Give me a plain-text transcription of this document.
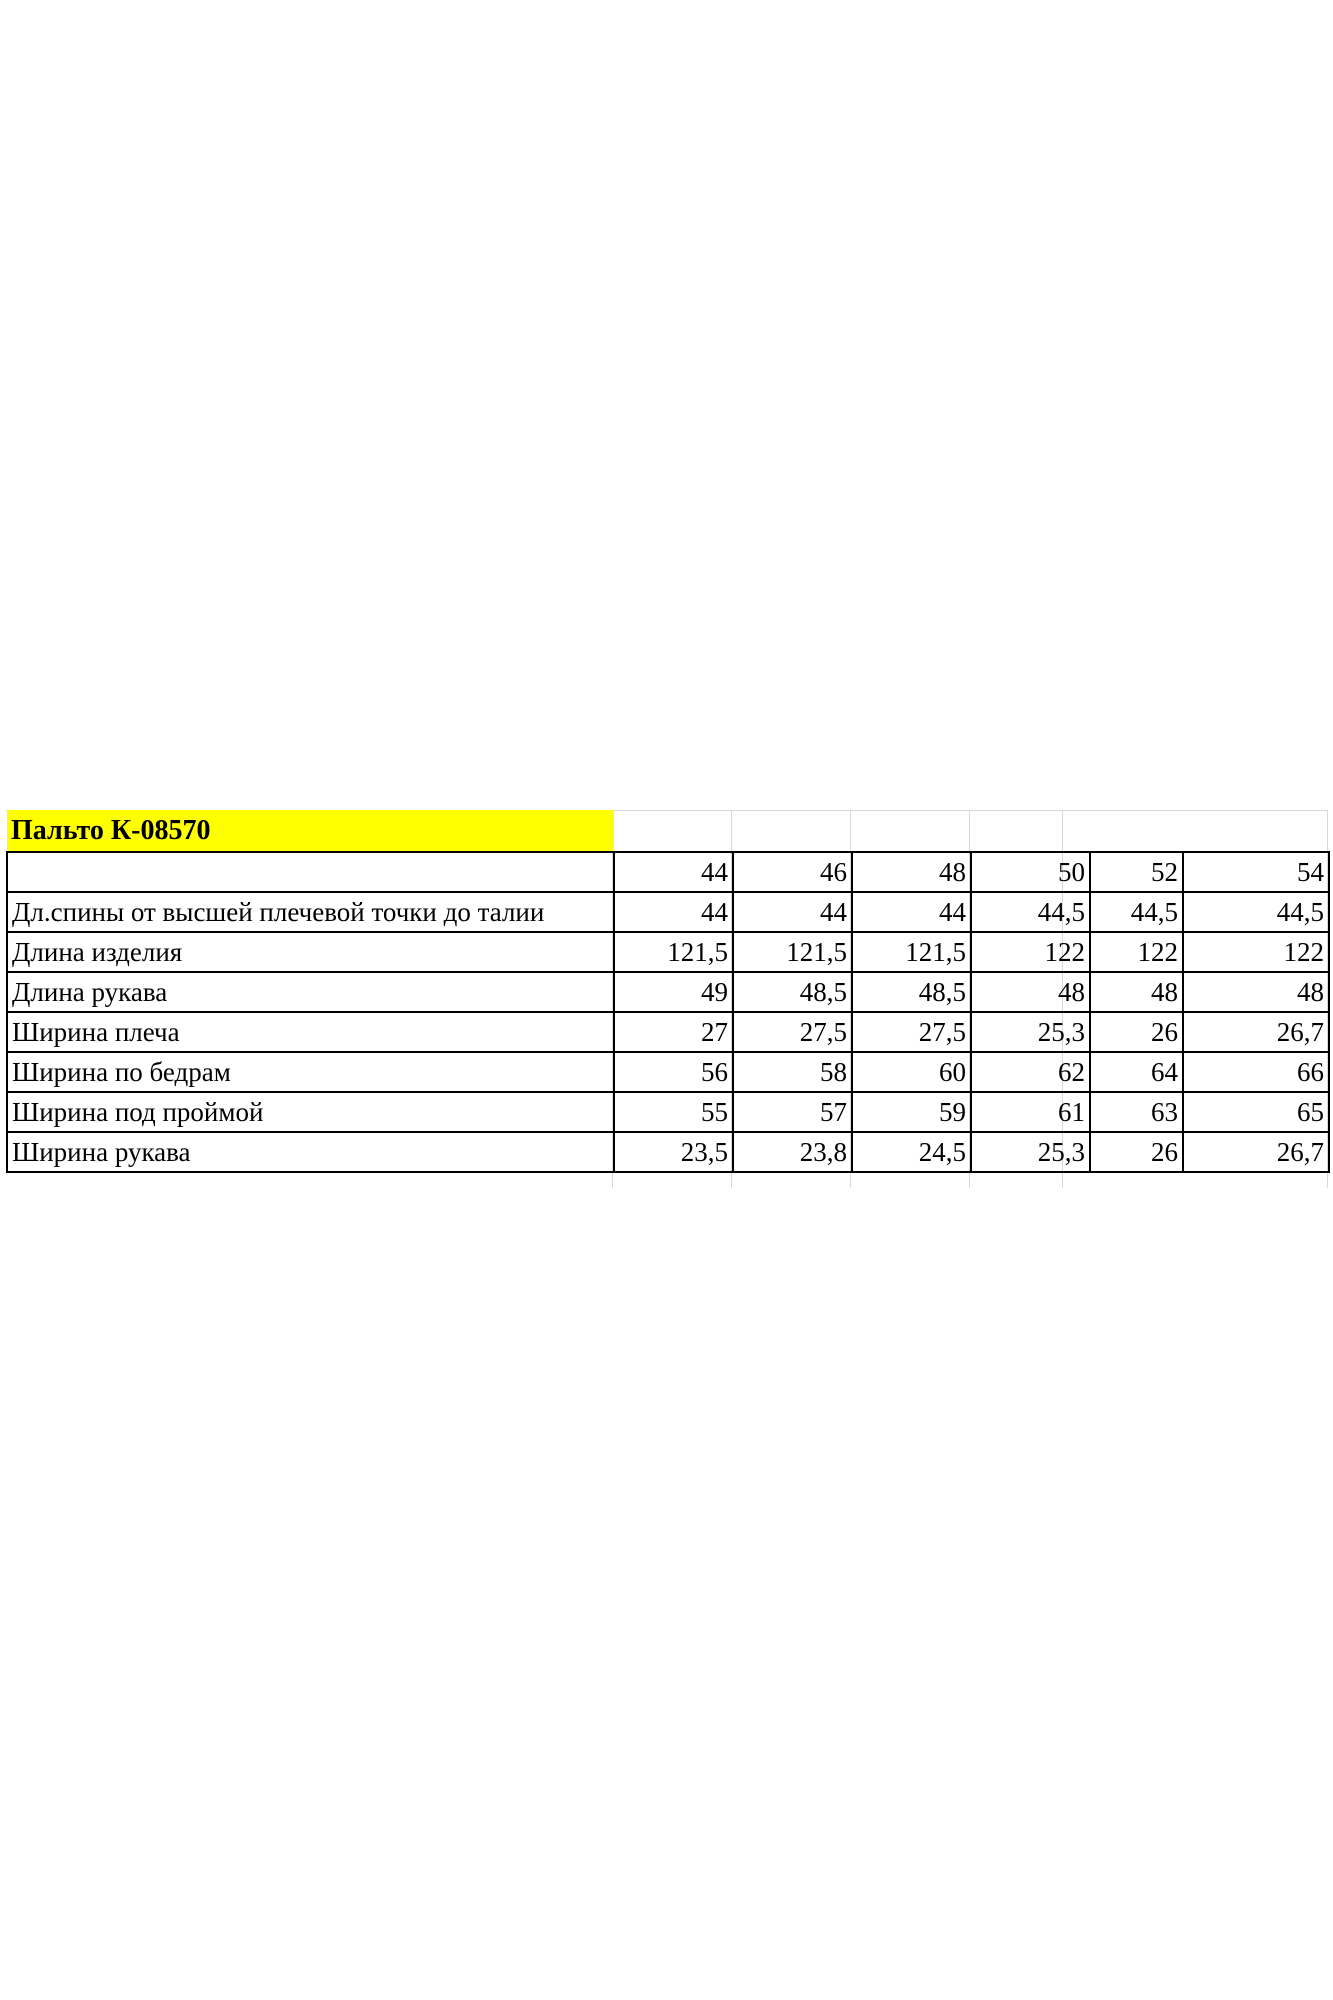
Пальто К-08570						
	44	46	48	50	52	54
Дл.спины от высшей плечевой точки до талии	44	44	44	44,5	44,5	44,5
Длина изделия	121,5	121,5	121,5	122	122	122
Длина рукава	49	48,5	48,5	48	48	48
Ширина плеча	27	27,5	27,5	25,3	26	26,7
Ширина по бедрам	56	58	60	62	64	66
Ширина под проймой	55	57	59	61	63	65
Ширина рукава	23,5	23,8	24,5	25,3	26	26,7
